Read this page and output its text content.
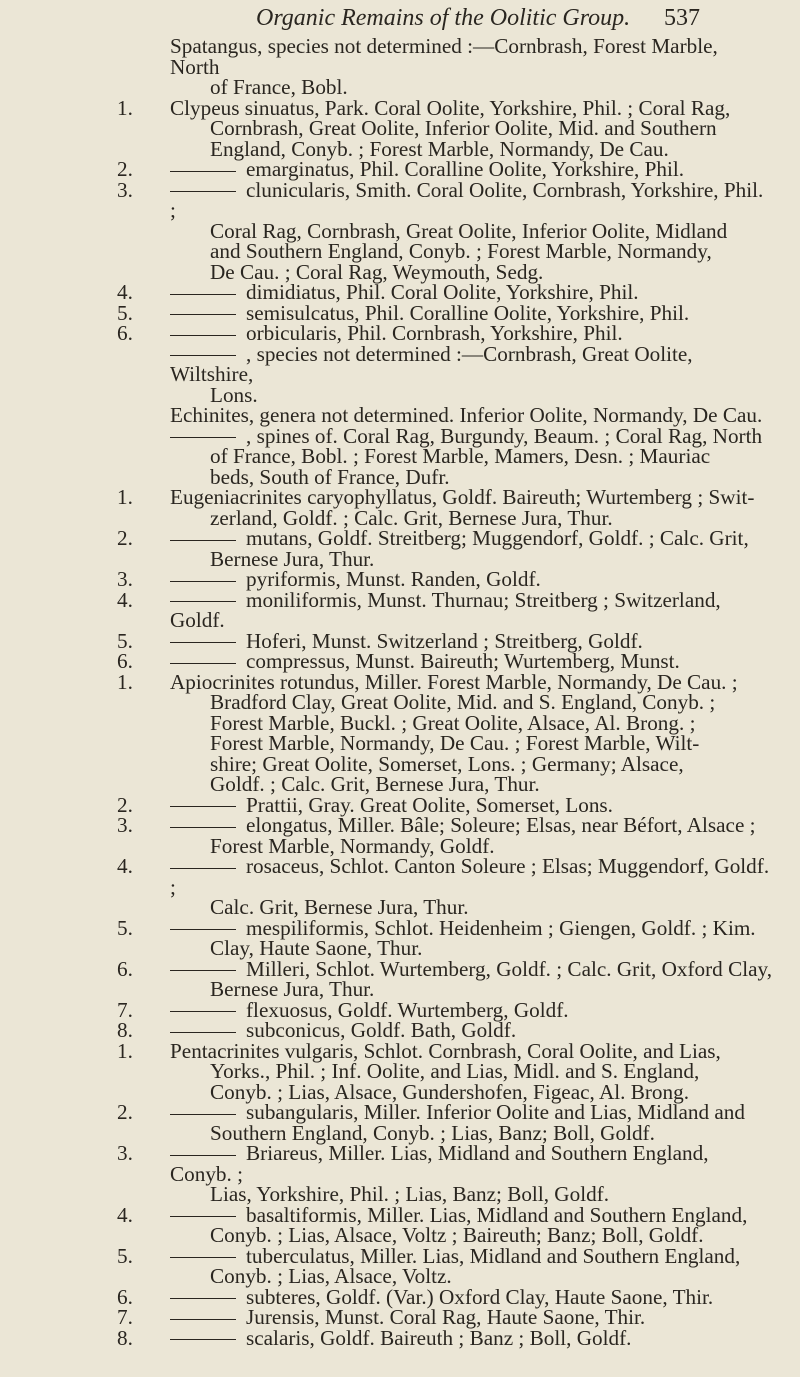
Organic Remains of the Oolitic Group. 537
Spatangus, species not determined :—Cornbrash, Forest Marble, North
of France, Bobl.
1.	Clypeus sinuatus, Park. Coral Oolite, Yorkshire, Phil. ; Coral Rag,
Cornbrash, Great Oolite, Inferior Oolite, Mid. and Southern
England, Conyb. ; Forest Marble, Normandy, De Cau.
2.	emarginatus, Phil. Coralline Oolite, Yorkshire, Phil.
3.	clunicularis, Smith. Coral Oolite, Cornbrash, Yorkshire, Phil. ;
Coral Rag, Cornbrash, Great Oolite, Inferior Oolite, Midland
and Southern England, Conyb. ; Forest Marble, Normandy,
De Cau. ; Coral Rag, Weymouth, Sedg.
4.	dimidiatus, Phil. Coral Oolite, Yorkshire, Phil.
5.	semisulcatus, Phil. Coralline Oolite, Yorkshire, Phil.
6.	orbicularis, Phil. Cornbrash, Yorkshire, Phil.
, species not determined :—Cornbrash, Great Oolite, Wiltshire,
Lons.
Echinites, genera not determined. Inferior Oolite, Normandy, De Cau.
, spines of. Coral Rag, Burgundy, Beaum. ; Coral Rag, North
of France, Bobl. ; Forest Marble, Mamers, Desn. ; Mauriac
beds, South of France, Dufr.
1.	Eugeniacrinites caryophyllatus, Goldf. Baireuth; Wurtemberg ; Swit-
zerland, Goldf. ; Calc. Grit, Bernese Jura, Thur.
2.	mutans, Goldf. Streitberg; Muggendorf, Goldf. ; Calc. Grit,
Bernese Jura, Thur.
3.	pyriformis, Munst. Randen, Goldf.
4.	moniliformis, Munst. Thurnau; Streitberg ; Switzerland, Goldf.
5.	Hoferi, Munst. Switzerland ; Streitberg, Goldf.
6.	compressus, Munst. Baireuth; Wurtemberg, Munst.
1.	Apiocrinites rotundus, Miller. Forest Marble, Normandy, De Cau. ;
Bradford Clay, Great Oolite, Mid. and S. England, Conyb. ;
Forest Marble, Buckl. ; Great Oolite, Alsace, Al. Brong. ;
Forest Marble, Normandy, De Cau. ; Forest Marble, Wilt-
shire; Great Oolite, Somerset, Lons. ; Germany; Alsace,
Goldf. ; Calc. Grit, Bernese Jura, Thur.
2.	Prattii, Gray. Great Oolite, Somerset, Lons.
3.	elongatus, Miller. Bâle; Soleure; Elsas, near Béfort, Alsace ;
Forest Marble, Normandy, Goldf.
4.	rosaceus, Schlot. Canton Soleure ; Elsas; Muggendorf, Goldf. ;
Calc. Grit, Bernese Jura, Thur.
5.	mespiliformis, Schlot. Heidenheim ; Giengen, Goldf. ; Kim.
Clay, Haute Saone, Thur.
6.	Milleri, Schlot. Wurtemberg, Goldf. ; Calc. Grit, Oxford Clay,
Bernese Jura, Thur.
7.	flexuosus, Goldf. Wurtemberg, Goldf.
8.	subconicus, Goldf. Bath, Goldf.
1.	Pentacrinites vulgaris, Schlot. Cornbrash, Coral Oolite, and Lias,
Yorks., Phil. ; Inf. Oolite, and Lias, Midl. and S. England,
Conyb. ; Lias, Alsace, Gundershofen, Figeac, Al. Brong.
2.	subangularis, Miller. Inferior Oolite and Lias, Midland and
Southern England, Conyb. ; Lias, Banz; Boll, Goldf.
3.	Briareus, Miller. Lias, Midland and Southern England, Conyb. ;
Lias, Yorkshire, Phil. ; Lias, Banz; Boll, Goldf.
4.	basaltiformis, Miller. Lias, Midland and Southern England,
Conyb. ; Lias, Alsace, Voltz ; Baireuth; Banz; Boll, Goldf.
5.	tuberculatus, Miller. Lias, Midland and Southern England,
Conyb. ; Lias, Alsace, Voltz.
6.	subteres, Goldf. (Var.) Oxford Clay, Haute Saone, Thir.
7.	Jurensis, Munst. Coral Rag, Haute Saone, Thir.
8.	scalaris, Goldf. Baireuth ; Banz ; Boll, Goldf.
